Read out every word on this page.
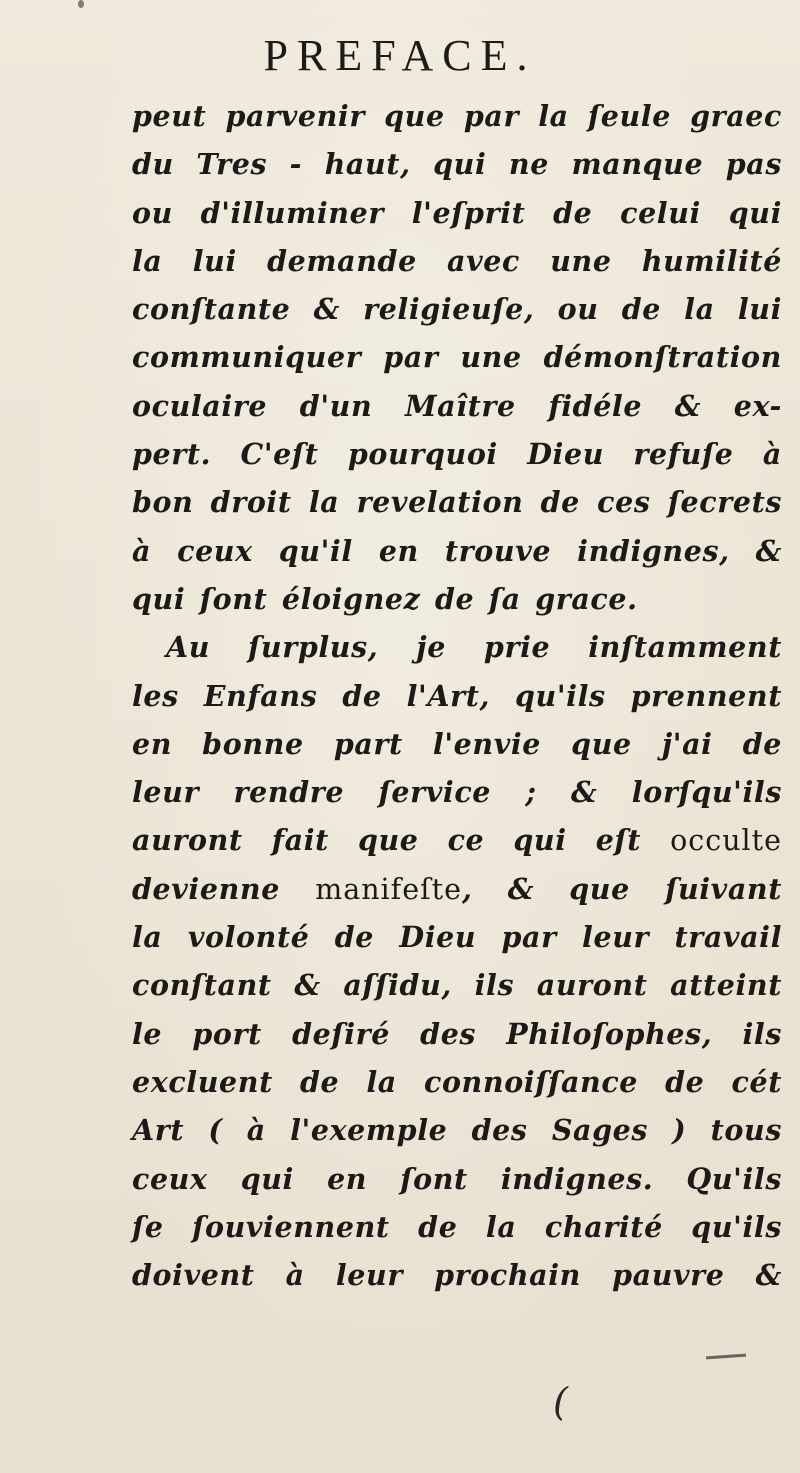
PREFACE.
peut parvenir que par la ſeule graec
du Tres - haut, qui ne manque pas
ou d'illuminer l'eſprit de celui qui
la lui demande avec une humilité
conſtante & religieuſe, ou de la lui
communiquer par une démonſtration
oculaire d'un Maître fidéle & ex-
pert. C'eſt pourquoi Dieu refuſe à
bon droit la revelation de ces ſecrets
à ceux qu'il en trouve indignes, &
qui ſont éloignez de ſa grace.
Au ſurplus, je prie inſtamment
les Enfans de l'Art, qu'ils prennent
en bonne part l'envie que j'ai de
leur rendre ſervice ; & lorſqu'ils
auront fait que ce qui eſt occulte
devienne manifeſte, & que ſuivant
la volonté de Dieu par leur travail
conſtant & aſſidu, ils auront atteint
le port deſiré des Philoſophes, ils
excluent de la connoiſſance de cét
Art ( à l'exemple des Sages ) tous
ceux qui en ſont indignes. Qu'ils
ſe ſouviennent de la charité qu'ils
doivent à leur prochain pauvre &
(
